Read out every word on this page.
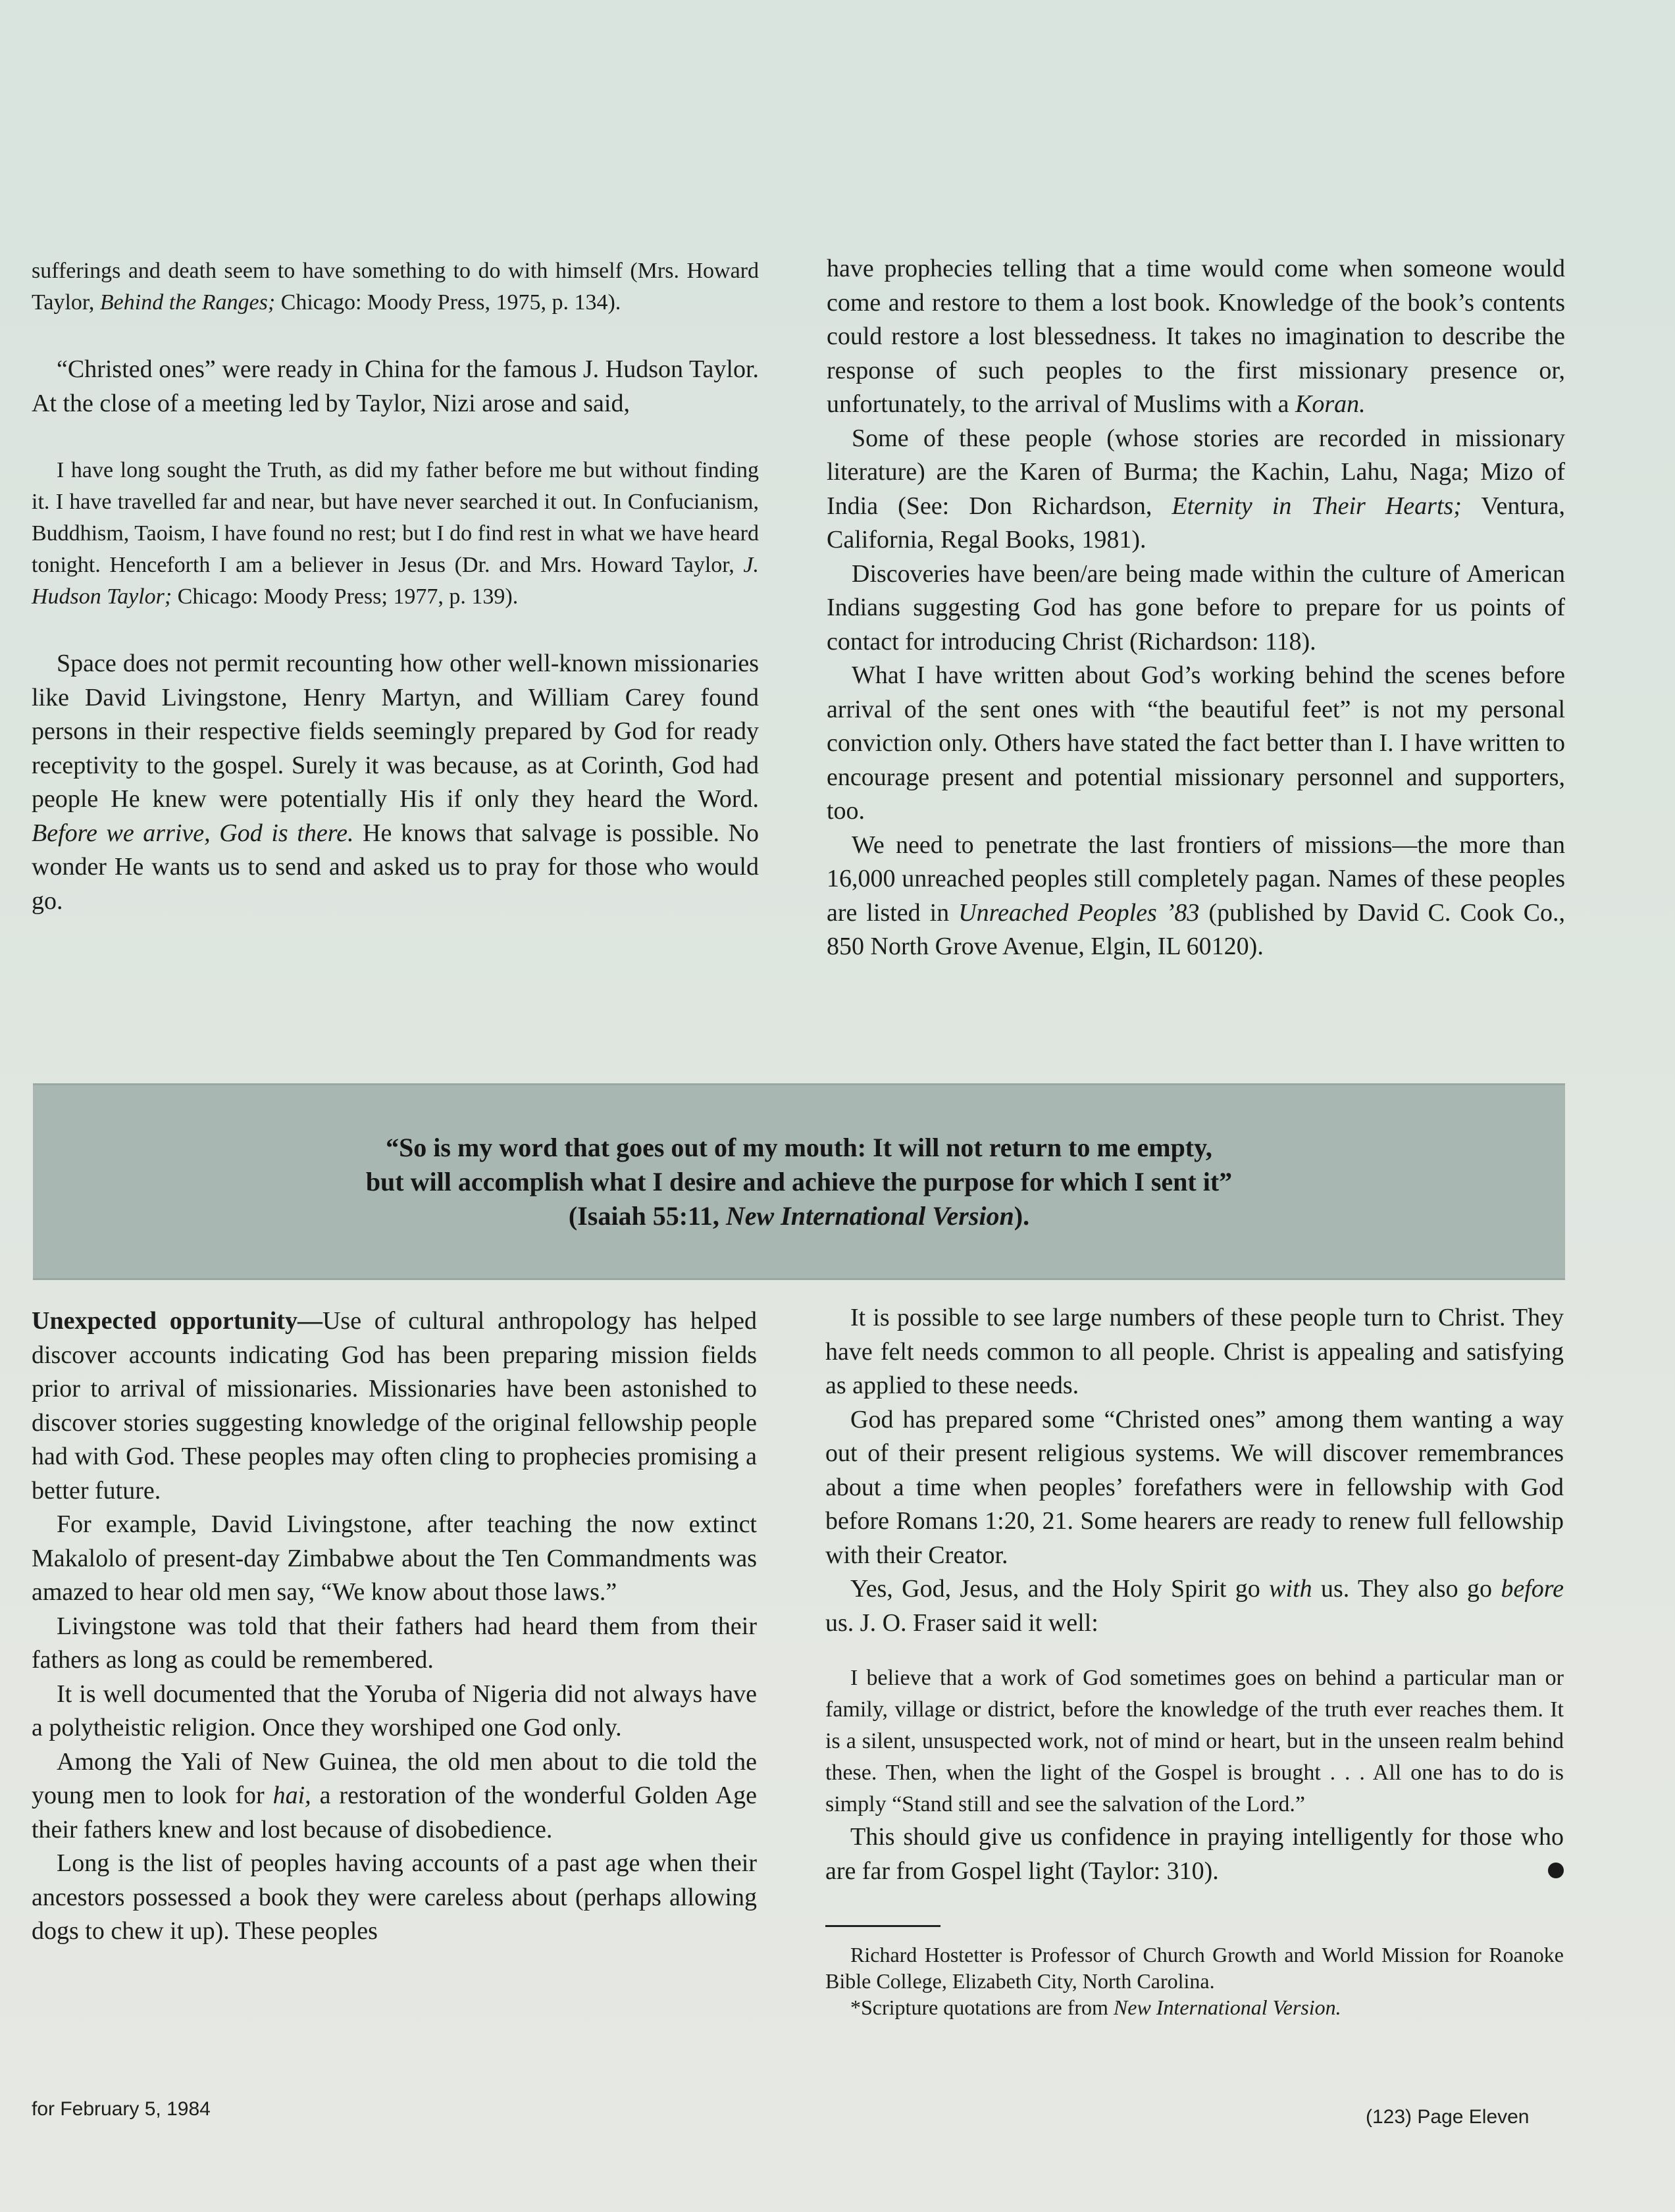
sufferings and death seem to have something to do with himself (Mrs. Howard Taylor, Behind the Ranges; Chicago: Moody Press, 1975, p. 134).

“Christed ones” were ready in China for the famous J. Hudson Taylor. At the close of a meeting led by Taylor, Nizi arose and said,

I have long sought the Truth, as did my father before me but without finding it. I have travelled far and near, but have never searched it out. In Confucianism, Buddhism, Taoism, I have found no rest; but I do find rest in what we have heard tonight. Henceforth I am a believer in Jesus (Dr. and Mrs. Howard Taylor, J. Hudson Taylor; Chicago: Moody Press; 1977, p. 139).

Space does not permit recounting how other well-known missionaries like David Livingstone, Henry Martyn, and William Carey found persons in their respective fields seemingly prepared by God for ready receptivity to the gospel. Surely it was because, as at Corinth, God had people He knew were potentially His if only they heard the Word. Before we arrive, God is there. He knows that salvage is possible. No wonder He wants us to send and asked us to pray for those who would go.

have prophecies telling that a time would come when someone would come and restore to them a lost book. Knowledge of the book’s contents could restore a lost blessedness. It takes no imagination to describe the response of such peoples to the first missionary presence or, unfortunately, to the arrival of Muslims with a Koran.

Some of these people (whose stories are recorded in missionary literature) are the Karen of Burma; the Kachin, Lahu, Naga; Mizo of India (See: Don Richardson, Eternity in Their Hearts; Ventura, California, Regal Books, 1981).

Discoveries have been/are being made within the culture of American Indians suggesting God has gone before to prepare for us points of contact for introducing Christ (Richardson: 118).

What I have written about God’s working behind the scenes before arrival of the sent ones with “the beautiful feet” is not my personal conviction only. Others have stated the fact better than I. I have written to encourage present and potential missionary personnel and supporters, too.

We need to penetrate the last frontiers of missions—the more than 16,000 unreached peoples still completely pagan. Names of these peoples are listed in Unreached Peoples ’83 (published by David C. Cook Co., 850 North Grove Avenue, Elgin, IL 60120).

“So is my word that goes out of my mouth: It will not return to me empty,
but will accomplish what I desire and achieve the purpose for which I sent it”
(Isaiah 55:11, New International Version).

Unexpected opportunity—Use of cultural anthropology has helped discover accounts indicating God has been preparing mission fields prior to arrival of missionaries. Missionaries have been astonished to discover stories suggesting knowledge of the original fellowship people had with God. These peoples may often cling to prophecies promising a better future.

For example, David Livingstone, after teaching the now extinct Makalolo of present-day Zimbabwe about the Ten Commandments was amazed to hear old men say, “We know about those laws.”

Livingstone was told that their fathers had heard them from their fathers as long as could be remembered.

It is well documented that the Yoruba of Nigeria did not always have a polytheistic religion. Once they worshiped one God only.

Among the Yali of New Guinea, the old men about to die told the young men to look for hai, a restoration of the wonderful Golden Age their fathers knew and lost because of disobedience.

Long is the list of peoples having accounts of a past age when their ancestors possessed a book they were careless about (perhaps allowing dogs to chew it up). These peoples

It is possible to see large numbers of these people turn to Christ. They have felt needs common to all people. Christ is appealing and satisfying as applied to these needs.

God has prepared some “Christed ones” among them wanting a way out of their present religious systems. We will discover remembrances about a time when peoples’ forefathers were in fellowship with God before Romans 1:20, 21. Some hearers are ready to renew full fellowship with their Creator.

Yes, God, Jesus, and the Holy Spirit go with us. They also go before us. J. O. Fraser said it well:

I believe that a work of God sometimes goes on behind a particular man or family, village or district, before the knowledge of the truth ever reaches them. It is a silent, unsuspected work, not of mind or heart, but in the unseen realm behind these. Then, when the light of the Gospel is brought . . . All one has to do is simply “Stand still and see the salvation of the Lord.”

This should give us confidence in praying intelligently for those who are far from Gospel light (Taylor: 310).

Richard Hostetter is Professor of Church Growth and World Mission for Roanoke Bible College, Elizabeth City, North Carolina.

*Scripture quotations are from New International Version.

for February 5, 1984	(123) Page Eleven
